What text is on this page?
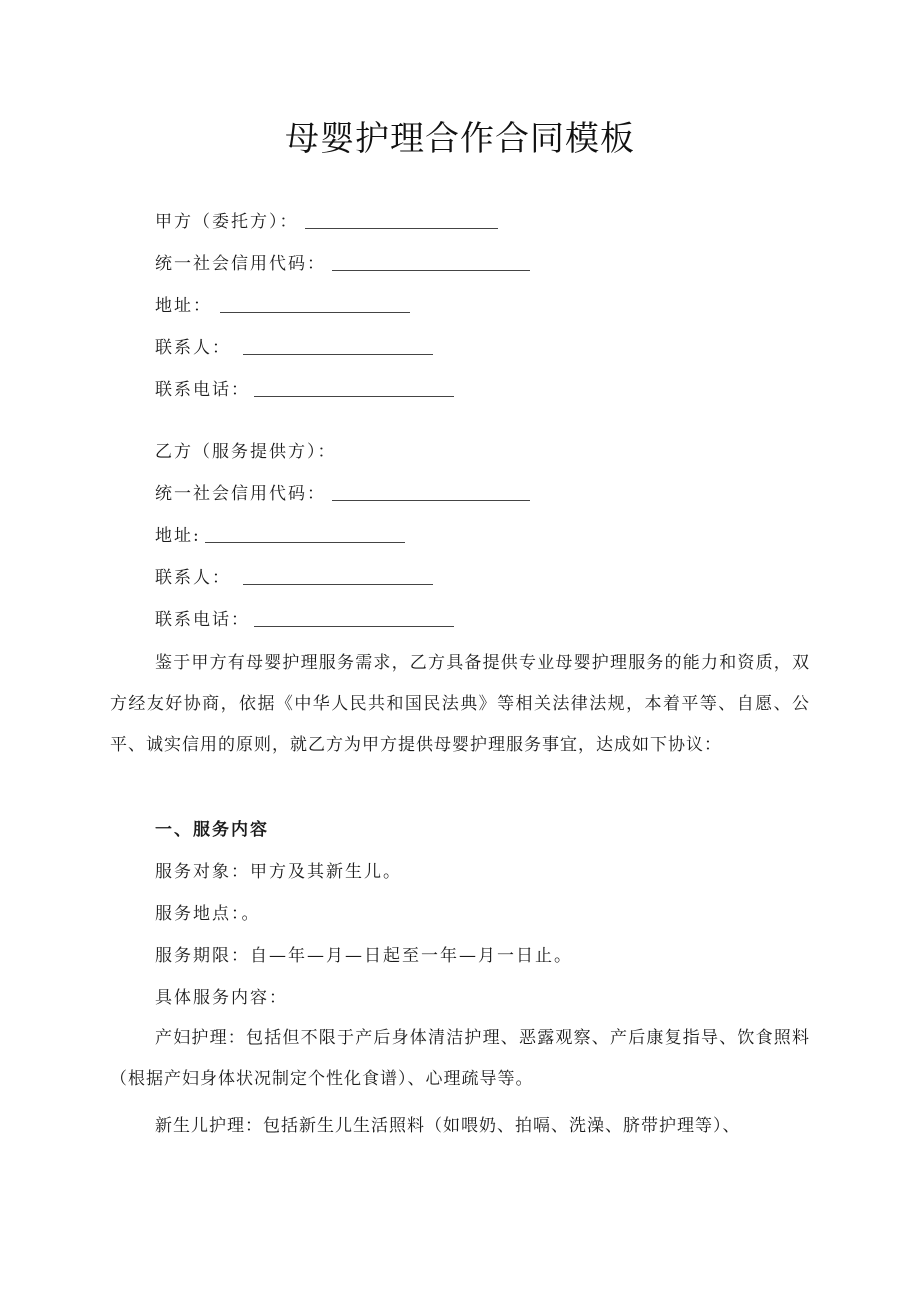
母婴护理合作合同模板
甲方（委托方）：
统一社会信用代码：
地址：
联系人：
联系电话：
乙方（服务提供方）：
统一社会信用代码：
地址:
联系人：
联系电话：
鉴于甲方有母婴护理服务需求，乙方具备提供专业母婴护理服务的能力和资质，双方经友好协商，依据《中华人民共和国民法典》等相关法律法规，本着平等、自愿、公平、诚实信用的原则，就乙方为甲方提供母婴护理服务事宜，达成如下协议：
一、服务内容
服务对象：甲方及其新生儿。
服务地点：。
服务期限：自—年—月—日起至一年—月一日止。
具体服务内容：
产妇护理：包括但不限于产后身体清洁护理、恶露观察、产后康复指导、饮食照料（根据产妇身体状况制定个性化食谱）、心理疏导等。
新生儿护理：包括新生儿生活照料（如喂奶、拍嗝、洗澡、脐带护理等）、
